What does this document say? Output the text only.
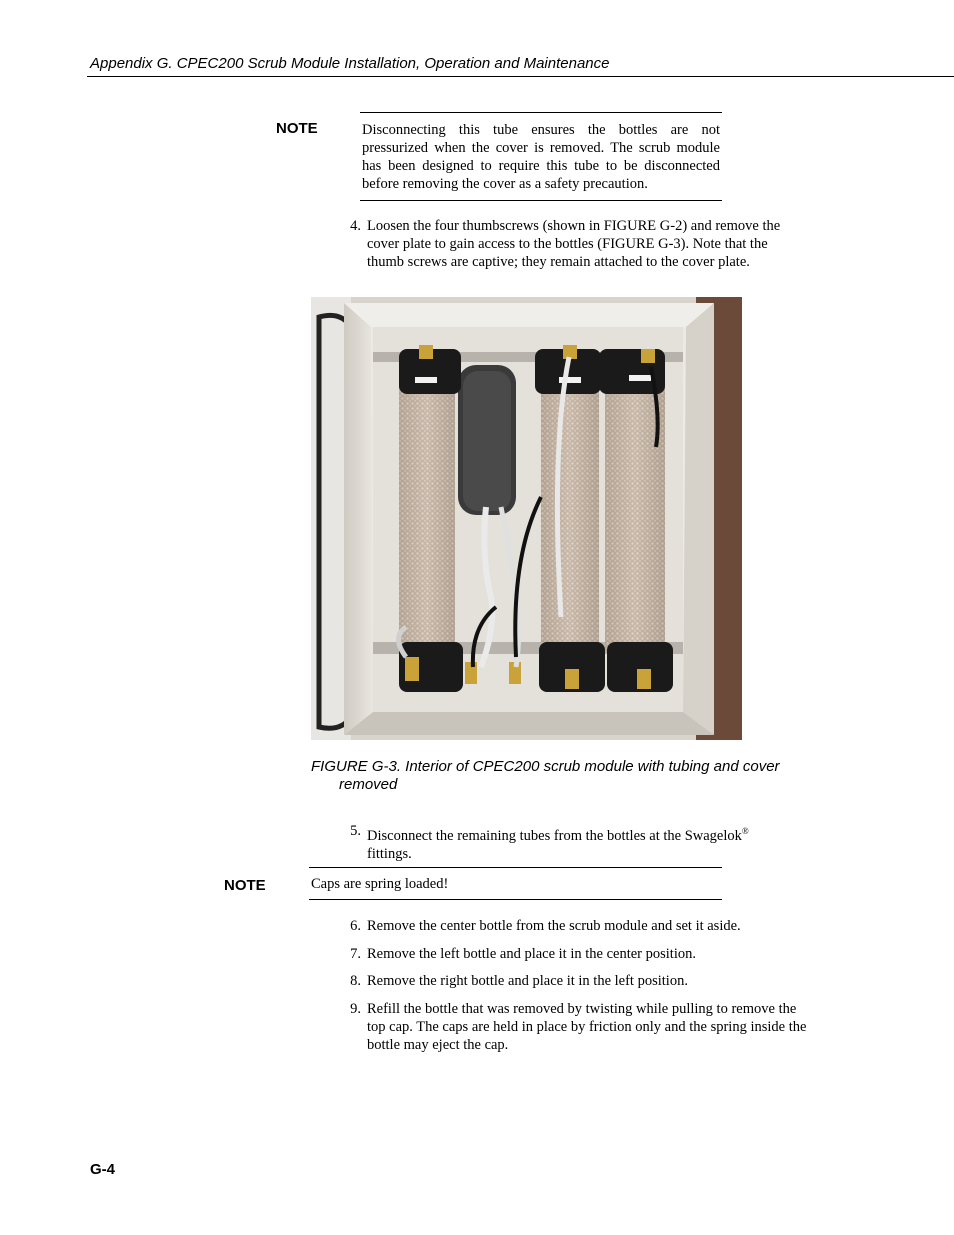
Appendix G. CPEC200 Scrub Module Installation, Operation and Maintenance
NOTE	Disconnecting this tube ensures the bottles are not pressurized when the cover is removed. The scrub module has been designed to require this tube to be disconnected before removing the cover as a safety precaution.
4. Loosen the four thumbscrews (shown in FIGURE G-2) and remove the cover plate to gain access to the bottles (FIGURE G-3). Note that the thumb screws are captive; they remain attached to the cover plate.
FIGURE G-3. Interior of CPEC200 scrub module with tubing and cover
removed
5. Disconnect the remaining tubes from the bottles at the Swagelok®
fittings.
NOTE	Caps are spring loaded!
6. Remove the center bottle from the scrub module and set it aside.
7. Remove the left bottle and place it in the center position.
8. Remove the right bottle and place it in the left position.
9. Refill the bottle that was removed by twisting while pulling to remove the top cap. The caps are held in place by friction only and the spring inside the bottle may eject the cap.
G-4
